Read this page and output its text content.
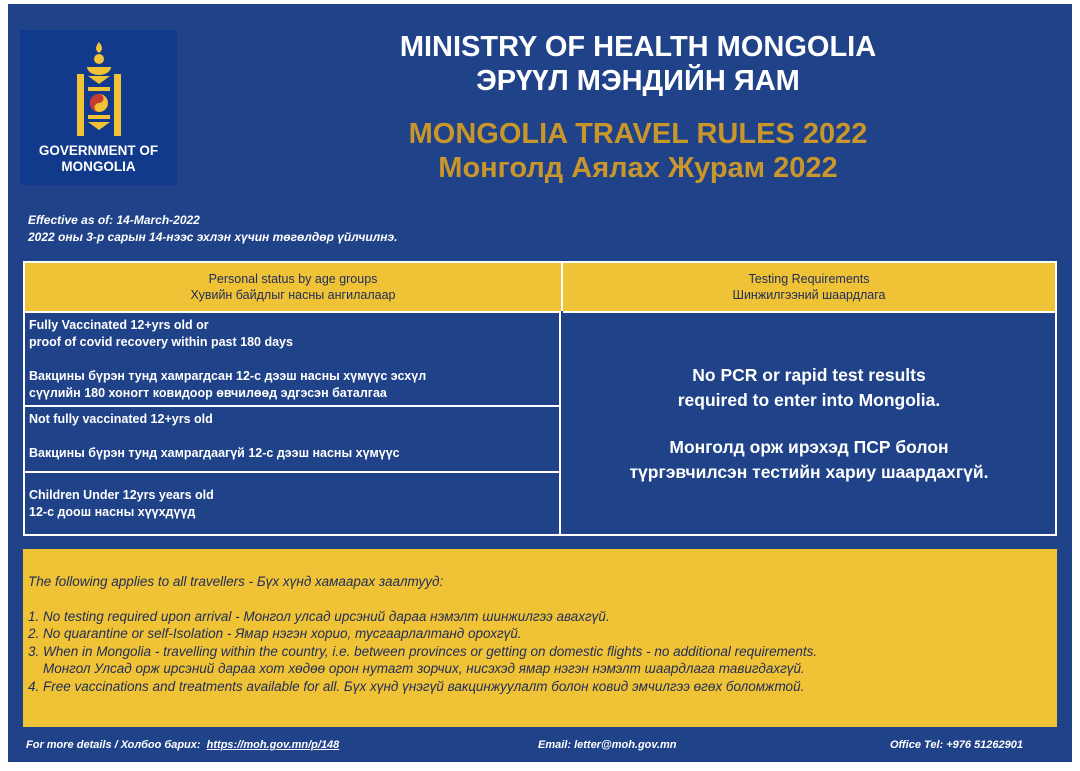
GOVERNMENT OF
MONGOLIA
MINISTRY OF HEALTH MONGOLIA
ЭРҮҮЛ МЭНДИЙН ЯАМ
MONGOLIA TRAVEL RULES 2022
Монголд Аялах Журам 2022
Effective as of: 14-March-2022
2022 оны 3-р сарын 14-нээс эхлэн хүчин төгөлдөр үйлчилнэ.
Personal status by age groups
Хувийн байдлыг насны ангилалаар
Testing Requirements
Шинжилгээний шаардлага

Fully Vaccinated 12+yrs old or

proof of covid recovery within past 180 days

Вакцины бүрэн тунд хамрагдсан 12-с дээш насны хүмүүс эсхүл

сүүлийн 180 хоногт ковидоор өвчилөөд эдгэсэн баталгаа

Not fully vaccinated 12+yrs old

Вакцины бүрэн тунд хамрагдаагүй 12-с дээш насны хүмүүс

Children Under 12yrs years old

12-с доош насны хүүхдүүд

No PCR or rapid test results

required to enter into Mongolia.

Монголд орж ирэхэд ПСР болон

түргэвчилсэн тестийн хариу шаардахгүй.

The following applies to all travellers - Бүх хүнд хамаарах заалтууд:

1. No testing required upon arrival - Монгол улсад ирсэний дараа нэмэлт шинжилгээ авахгүй.

2. No quarantine or self-Isolation - Ямар нэгэн хорио, тусгаарлалтанд орохгүй.

3. When in Mongolia - travelling within the country, i.e. between provinces or getting on domestic flights - no additional requirements.

Монгол Улсад орж ирсэний дараа хот хөдөө орон нутагт зорчих, нисэхэд ямар нэгэн нэмэлт шаардлага тавигдахгүй.

4. Free vaccinations and treatments available for all. Бүх хүнд үнэгүй вакцинжуулалт болон ковид эмчилгээ өгөх боломжтой.

For more details / Холбоо барих: https://moh.gov.mn/p/148	Email: letter@moh.gov.mn	Office Tel: +976 51262901
